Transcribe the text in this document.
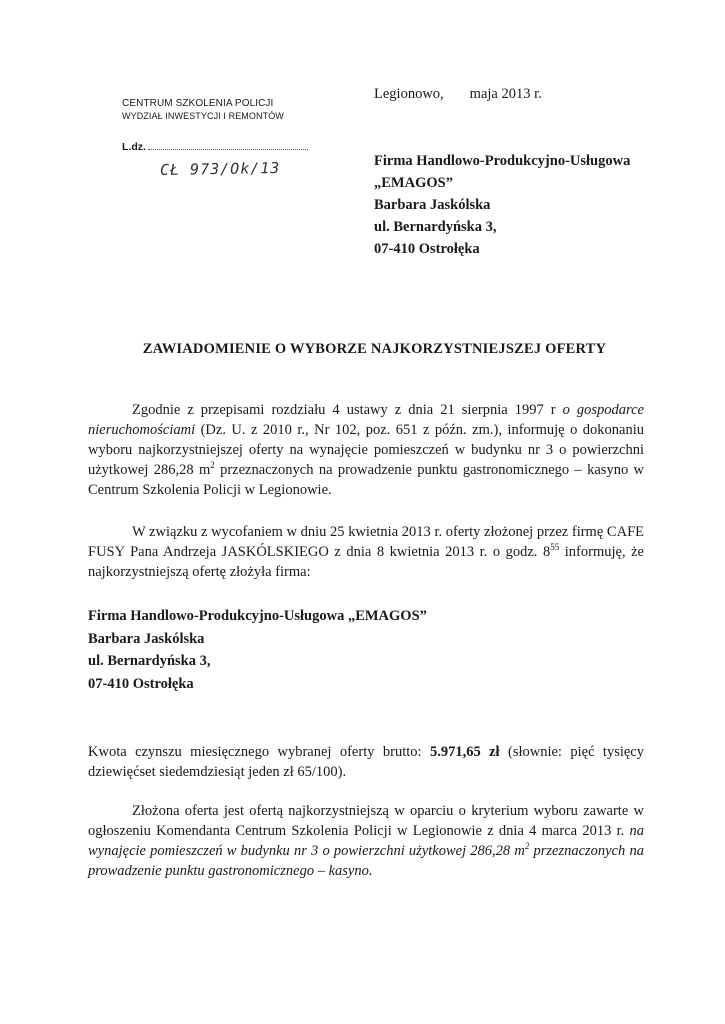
Legionowo, maja 2013 r.
CENTRUM SZKOLENIA POLICJI
WYDZIAŁ INWESTYCJI I REMONTÓW
L.dz.
CŁ 973/Ok/13	Firma Handlowo-Produkcyjno-Usługowa
„EMAGOS”
Barbara Jaskólska
ul. Bernardyńska 3,
07-410 Ostrołęka
ZAWIADOMIENIE O WYBORZE NAJKORZYSTNIEJSZEJ OFERTY
Zgodnie z przepisami rozdziału 4 ustawy z dnia 21 sierpnia 1997 r o gospodarce nieruchomościami (Dz. U. z 2010 r., Nr 102, poz. 651 z późn. zm.), informuję o dokonaniu wyboru najkorzystniejszej oferty na wynajęcie pomieszczeń w budynku nr 3 o powierzchni użytkowej 286,28 $m^2$ przeznaczonych na prowadzenie punktu gastronomicznego – kasyno w Centrum Szkolenia Policji w Legionowie.
W związku z wycofaniem w dniu 25 kwietnia 2013 r. oferty złożonej przez firmę CAFE FUSY Pana Andrzeja JASKÓLSKIEGO z dnia 8 kwietnia 2013 r. o godz. $8^{55}$ informuję, że najkorzystniejszą ofertę złożyła firma:
Firma Handlowo-Produkcyjno-Usługowa „EMAGOS”
Barbara Jaskólska
ul. Bernardyńska 3,
07-410 Ostrołęka
Kwota czynszu miesięcznego wybranej oferty brutto: 5.971,65 zł (słownie: pięć tysięcy dziewięćset siedemdziesiąt jeden zł 65/100).
Złożona oferta jest ofertą najkorzystniejszą w oparciu o kryterium wyboru zawarte w ogłoszeniu Komendanta Centrum Szkolenia Policji w Legionowie z dnia 4 marca 2013 r. na wynajęcie pomieszczeń w budynku nr 3 o powierzchni użytkowej 286,28 $m^2$ przeznaczonych na prowadzenie punktu gastronomicznego – kasyno.
